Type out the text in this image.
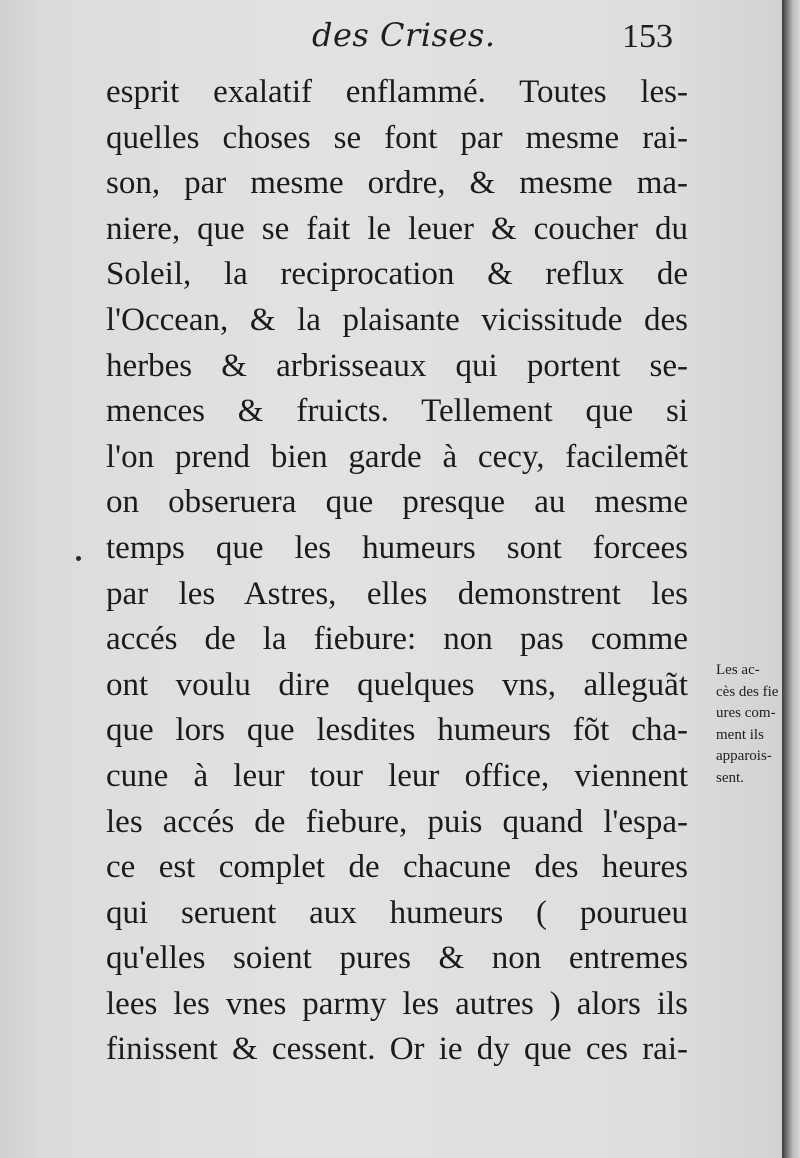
des Crises.	153
esprit exalatif enflammé. Toutes les-
quelles choses se font par mesme rai-
son, par mesme ordre, & mesme ma-
niere, que se fait le leuer & coucher du
Soleil, la reciprocation & reflux de
l'Occean, & la plaisante vicissitude des
herbes & arbrisseaux qui portent se-
mences & fruicts. Tellement que si
l'on prend bien garde à cecy, facilemẽt
on obseruera que presque au mesme
temps que les humeurs sont forcees
par les Astres, elles demonstrent les
accés de la fiebure: non pas comme
ont voulu dire quelques vns, alleguãt
que lors que lesdites humeurs fõt cha-
cune à leur tour leur office, viennent
les accés de fiebure, puis quand l'espa-
ce est complet de chacune des heures
qui seruent aux humeurs ( pourueu
qu'elles soient pures & non entremes
lees les vnes parmy les autres ) alors ils
finissent & cessent. Or ie dy que ces rai-
Les ac-
cès des fie
ures com-
ment ils
apparois-
sent.
